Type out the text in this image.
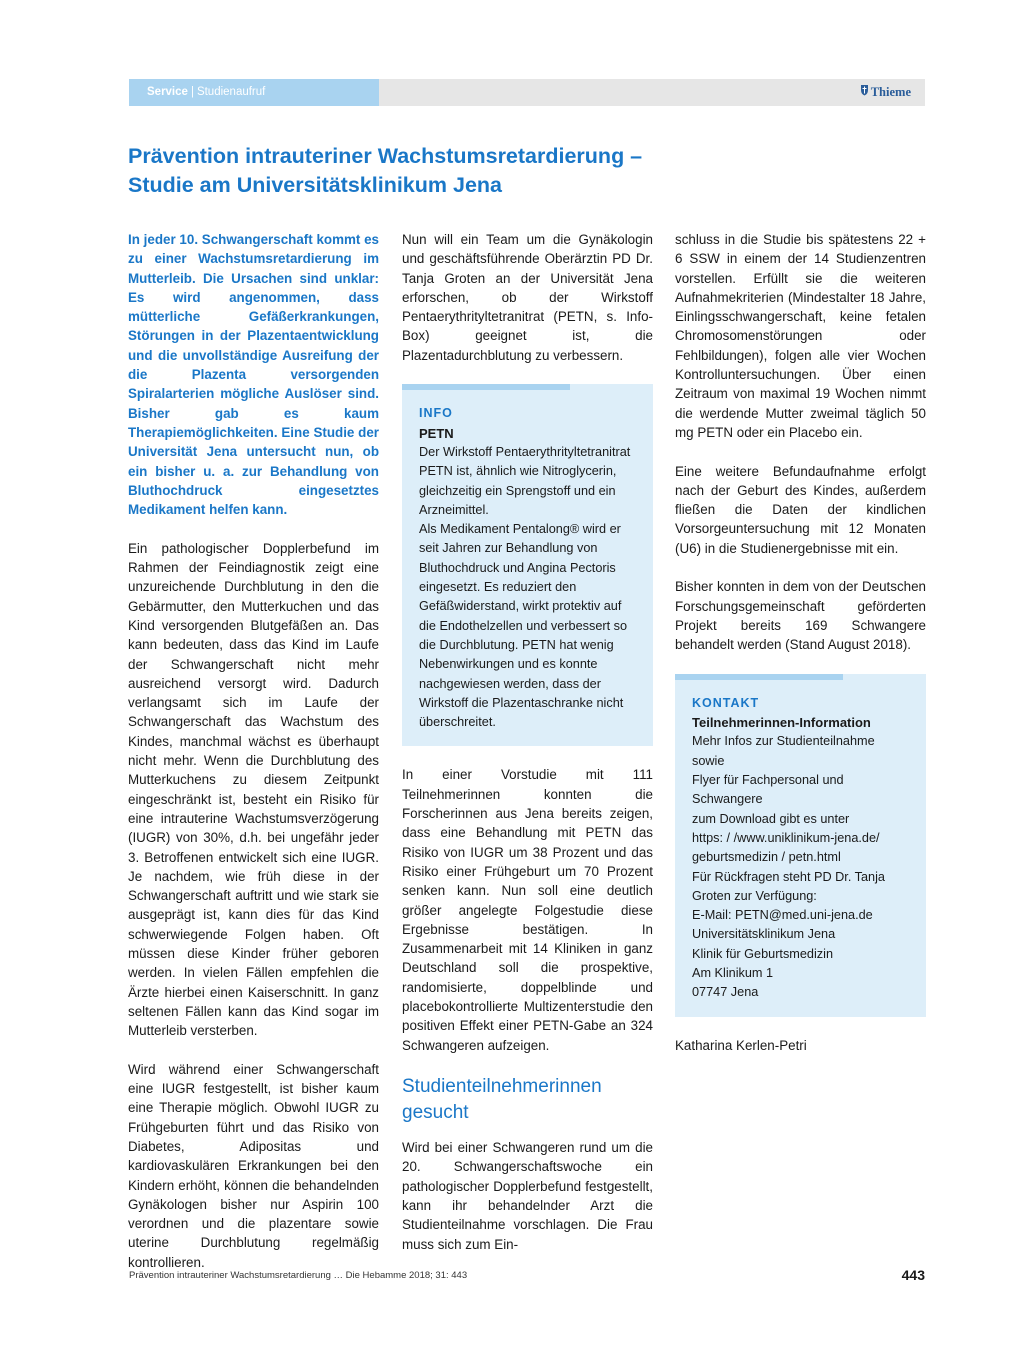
Service | Studienaufruf	Thieme
Prävention intrauteriner Wachstumsretardierung –
Studie am Universitätsklinikum Jena

In jeder 10. Schwangerschaft kommt es zu einer Wachstumsretardierung im Mutterleib. Die Ursachen sind unklar: Es wird angenommen, dass mütterliche Gefäßerkrankungen, Störungen in der Plazentaentwicklung und die unvollständige Ausreifung der die Plazenta versorgenden Spiralarterien mögliche Auslöser sind. Bisher gab es kaum Therapiemöglichkeiten. Eine Studie der Universität Jena untersucht nun, ob ein bisher u. a. zur Behandlung von Bluthochdruck eingesetztes Medikament helfen kann.

Ein pathologischer Dopplerbefund im Rahmen der Feindiagnostik zeigt eine unzureichende Durchblutung in den die Gebärmutter, den Mutterkuchen und das Kind versorgenden Blutgefäßen an. Das kann bedeuten, dass das Kind im Laufe der Schwangerschaft nicht mehr ausreichend versorgt wird. Dadurch verlangsamt sich im Laufe der Schwangerschaft das Wachstum des Kindes, manchmal wächst es überhaupt nicht mehr. Wenn die Durchblutung des Mutterkuchens zu diesem Zeitpunkt eingeschränkt ist, besteht ein Risiko für eine intrauterine Wachstumsverzögerung (IUGR) von 30%, d.h. bei ungefähr jeder 3. Betroffenen entwickelt sich eine IUGR. Je nachdem, wie früh diese in der Schwangerschaft auftritt und wie stark sie ausgeprägt ist, kann dies für das Kind schwerwiegende Folgen haben. Oft müssen diese Kinder früher geboren werden. In vielen Fällen empfehlen die Ärzte hierbei einen Kaiserschnitt. In ganz seltenen Fällen kann das Kind sogar im Mutterleib versterben.

Wird während einer Schwangerschaft eine IUGR festgestellt, ist bisher kaum eine Therapie möglich. Obwohl IUGR zu Frühgeburten führt und das Risiko von Diabetes, Adipositas und kardiovaskulären Erkrankungen bei den Kindern erhöht, können die behandelnden Gynäkologen bisher nur Aspirin 100 verordnen und die plazentare sowie uterine Durchblutung regelmäßig kontrollieren.

Nun will ein Team um die Gynäkologin und geschäftsführende Oberärztin PD Dr. Tanja Groten an der Universität Jena erforschen, ob der Wirkstoff Pentaerythrityltetranitrat (PETN, s. Info-Box) geeignet ist, die Plazentadurchblutung zu verbessern.

INFO
PETN

Der Wirkstoff Pentaerythrityltetranitrat PETN ist, ähnlich wie Nitroglycerin, gleichzeitig ein Sprengstoff und ein Arzneimittel.

Als Medikament Pentalong® wird er seit Jahren zur Behandlung von Bluthochdruck und Angina Pectoris eingesetzt. Es reduziert den Gefäßwiderstand, wirkt protektiv auf die Endothelzellen und verbessert so die Durchblutung. PETN hat wenig Nebenwirkungen und es konnte nachgewiesen werden, dass der Wirkstoff die Plazentaschranke nicht überschreitet.

In einer Vorstudie mit 111 Teilnehmerinnen konnten die Forscherinnen aus Jena bereits zeigen, dass eine Behandlung mit PETN das Risiko von IUGR um 38 Prozent und das Risiko einer Frühgeburt um 70 Prozent senken kann. Nun soll eine deutlich größer angelegte Folgestudie diese Ergebnisse bestätigen. In Zusammenarbeit mit 14 Kliniken in ganz Deutschland soll die prospektive, randomisierte, doppelblinde und placebokontrollierte Multizenterstudie den positiven Effekt einer PETN-Gabe an 324 Schwangeren aufzeigen.

Studienteilnehmerinnen gesucht

Wird bei einer Schwangeren rund um die 20. Schwangerschaftswoche ein pathologischer Dopplerbefund festgestellt, kann ihr behandelnder Arzt die Studienteilnahme vorschlagen. Die Frau muss sich zum Ein-

schluss in die Studie bis spätestens 22 + 6 SSW in einem der 14 Studienzentren vorstellen. Erfüllt sie die weiteren Aufnahmekriterien (Mindestalter 18 Jahre, Einlingsschwangerschaft, keine fetalen Chromosomenstörungen oder Fehlbildungen), folgen alle vier Wochen Kontrolluntersuchungen. Über einen Zeitraum von maximal 19 Wochen nimmt die werdende Mutter zweimal täglich 50 mg PETN oder ein Placebo ein.

Eine weitere Befundaufnahme erfolgt nach der Geburt des Kindes, außerdem fließen die Daten der kindlichen Vorsorgeuntersuchung mit 12 Monaten (U6) in die Studienergebnisse mit ein.

Bisher konnten in dem von der Deutschen Forschungsgemeinschaft geförderten Projekt bereits 169 Schwangere behandelt werden (Stand August 2018).

KONTAKT
Teilnehmerinnen-Information
Mehr Infos zur Studienteilnahme sowie
Flyer für Fachpersonal und Schwangere
zum Download gibt es unter
https: / /www.uniklinikum-jena.de/
geburtsmedizin / petn.html
Für Rückfragen steht PD Dr. Tanja
Groten zur Verfügung:
E-Mail: PETN@med.uni-jena.de
Universitätsklinikum Jena
Klinik für Geburtsmedizin
Am Klinikum 1
07747 Jena
Katharina Kerlen-Petri
Prävention intrauteriner Wachstumsretardierung … Die Hebamme 2018; 31: 443	443
